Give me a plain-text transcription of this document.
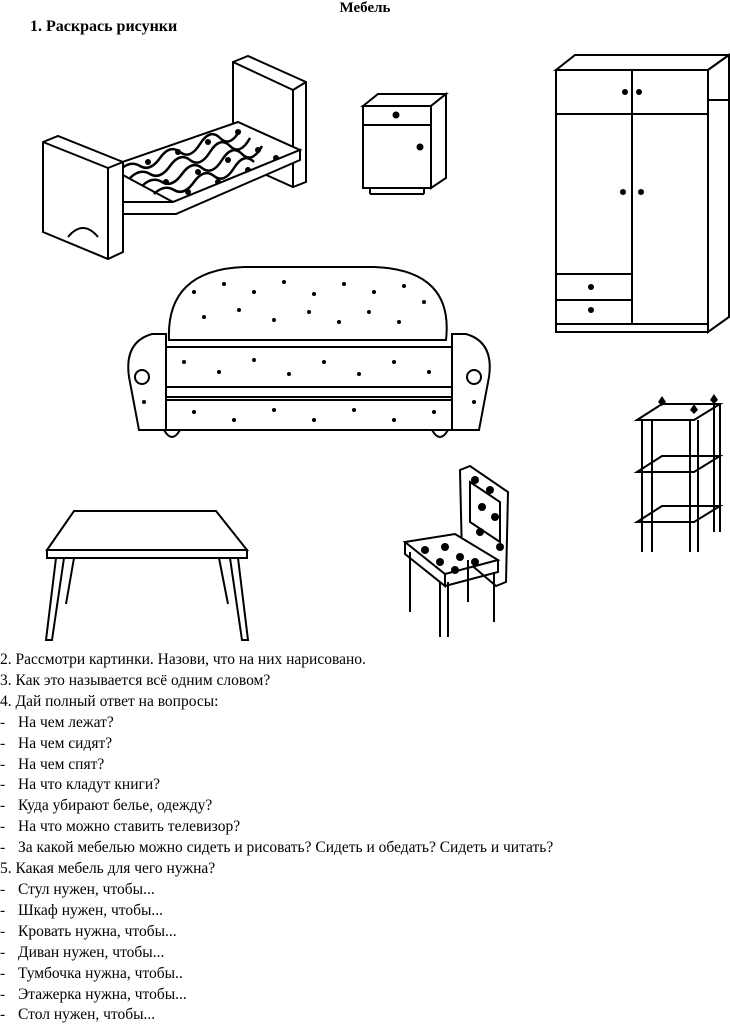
Мебель
1. Раскрась рисунки
2. Рассмотри картинки. Назови, что на них нарисовано.
3. Как это называется всё одним словом?
4. Дай полный ответ на вопросы:
- На чем лежат?
- На чем сидят?
- На чем спят?
- На что кладут книги?
- Куда убирают белье, одежду?
- На что можно ставить телевизор?
- За какой мебелью можно сидеть и рисовать? Сидеть и обедать? Сидеть и читать?
5. Какая мебель для чего нужна?
- Стул нужен, чтобы...
- Шкаф нужен, чтобы...
- Кровать нужна, чтобы...
- Диван нужен, чтобы...
- Тумбочка нужна, чтобы..
- Этажерка нужна, чтобы...
- Стол нужен, чтобы...
